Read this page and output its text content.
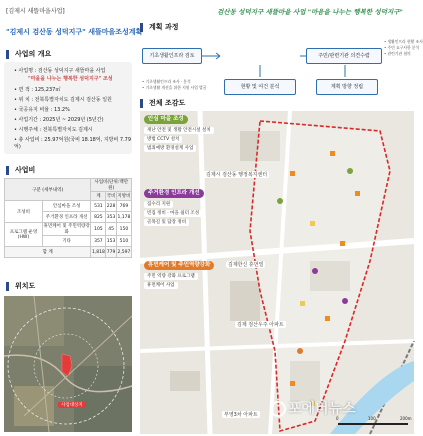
[김제시 새뜰마을사업]
"김제시 검산동 성덕지구" 새뜰마을조성계획
사업의 개요
• 사업명 : 검산동 성덕지구 새뜰마을 사업
"마을을 나누는 행복한 성덕지구" 조성
• 면 적 : 125,237㎡
• 위 치 : 전북특별자치도 김제시 검산동 일원
• 국공유지 비율 : 13.2%
• 사업기간 : 2025년 ~ 2029년 (5년간)
• 시행주체 : 전북특별자치도 김제시
• 총 사업비 : 25.97억원(국비 18.18억, 지방비 7.79억)
사업비
구분 (세부내역)		사업비(단위:백만원)		
		계	국비	지방비
조성비	안심마을 조성	531	228	769
	주거환경 인프라 개선	825	353	1,178
프로그램 운영(HW)	휴먼케어 및 주민역량강화	105	45	150
	기타	357	153	510
합 계		1,818	779	2,597
위치도
사업대상지
계획 과정
검산동 성덕지구 새뜰마을 사업 "마음을 나누는 행복한 성덕지구"
기초생활인프라 검토
현황 및 여건 분석
주민/관련기관 의견수렴
계획 방향 정립
• 기초생활인프라 조사 · 분석
• 기초생활 개선을 위한 지원 사업 발굴
• 생활인프라 현황 조사
• 주민 요구사항 분석
• 관련기관 협의
전체 조감도
안심 마을 조성
재난 안전 및 생활 안전시설 설치
방범 CCTV 설치
범죄예방 환경설계 사업
주거환경 인프라 개선
집수리 지원
빈집 정비 · 마을 쉼터 조성
골목길 및 담장 정비
휴먼케어 및 주민역량강화
주민 역량 강화 프로그램
휴먼케어 사업
김제시 검산동 행정복지센터
김제한신 휴먼빌
김제 검산우주 아파트
부영3차 아파트
0	100	200m
포에버뉴스
